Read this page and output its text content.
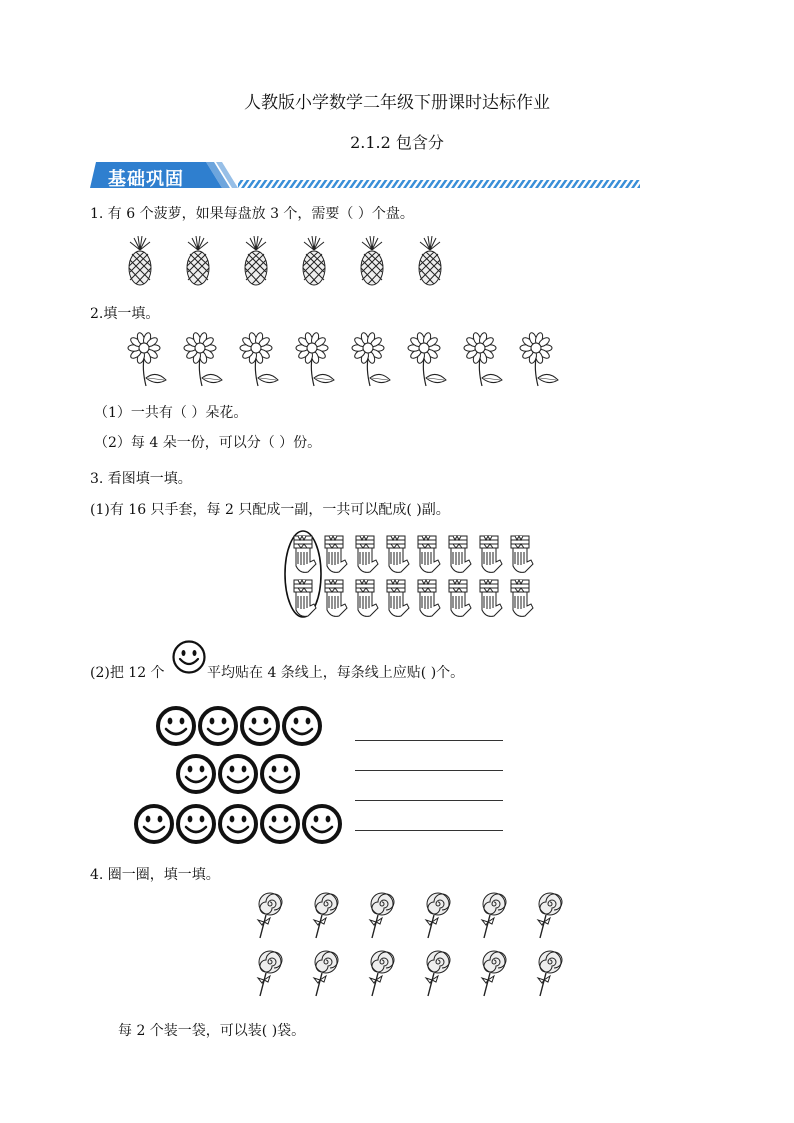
人教版小学数学二年级下册课时达标作业
2.1.2 包含分
基础巩固
1. 有 6 个菠萝，如果每盘放 3 个，需要（ ）个盘。
2.填一填。
（1）一共有（ ）朵花。
（2）每 4 朵一份，可以分（ ）份。
3. 看图填一填。
(1)有 16 只手套，每 2 只配成一副，一共可以配成( )副。
(2)把 12 个	平均贴在 4 条线上，每条线上应贴( )个。
4. 圈一圈，填一填。
每 2 个装一袋，可以装( )袋。
